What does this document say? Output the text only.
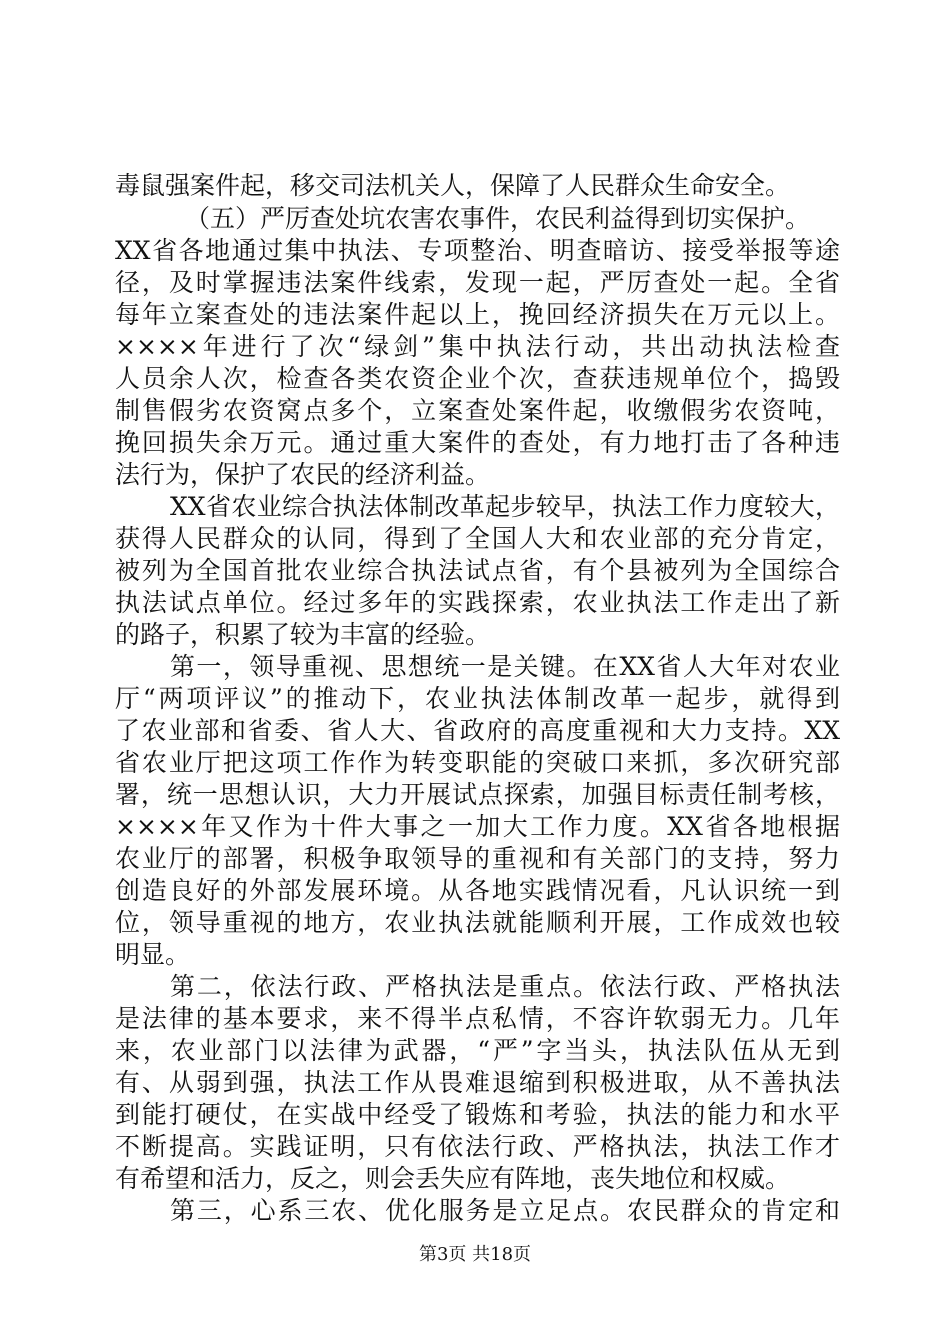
毒鼠强案件起，移交司法机关人，保障了人民群众生命安全。
（五）严厉查处坑农害农事件，农民利益得到切实保护。
XX省各地通过集中执法、专项整治、明查暗访、接受举报等途
径，及时掌握违法案件线索，发现一起，严厉查处一起。全省
每年立案查处的违法案件起以上，挽回经济损失在万元以上。
××××年进行了次“绿剑”集中执法行动，共出动执法检查
人员余人次，检查各类农资企业个次，查获违规单位个，捣毁
制售假劣农资窝点多个，立案查处案件起，收缴假劣农资吨，
挽回损失余万元。通过重大案件的查处，有力地打击了各种违
法行为，保护了农民的经济利益。
XX省农业综合执法体制改革起步较早，执法工作力度较大，
获得人民群众的认同，得到了全国人大和农业部的充分肯定，
被列为全国首批农业综合执法试点省，有个县被列为全国综合
执法试点单位。经过多年的实践探索，农业执法工作走出了新
的路子，积累了较为丰富的经验。
第一，领导重视、思想统一是关键。在XX省人大年对农业
厅“两项评议”的推动下，农业执法体制改革一起步，就得到
了农业部和省委、省人大、省政府的高度重视和大力支持。XX
省农业厅把这项工作作为转变职能的突破口来抓，多次研究部
署，统一思想认识，大力开展试点探索，加强目标责任制考核，
××××年又作为十件大事之一加大工作力度。XX省各地根据
农业厅的部署，积极争取领导的重视和有关部门的支持，努力
创造良好的外部发展环境。从各地实践情况看，凡认识统一到
位，领导重视的地方，农业执法就能顺利开展，工作成效也较
明显。
第二，依法行政、严格执法是重点。依法行政、严格执法
是法律的基本要求，来不得半点私情，不容许软弱无力。几年
来，农业部门以法律为武器，“严”字当头，执法队伍从无到
有、从弱到强，执法工作从畏难退缩到积极进取，从不善执法
到能打硬仗，在实战中经受了锻炼和考验，执法的能力和水平
不断提高。实践证明，只有依法行政、严格执法，执法工作才
有希望和活力，反之，则会丢失应有阵地，丧失地位和权威。
第三，心系三农、优化服务是立足点。农民群众的肯定和
第3页 共18页
